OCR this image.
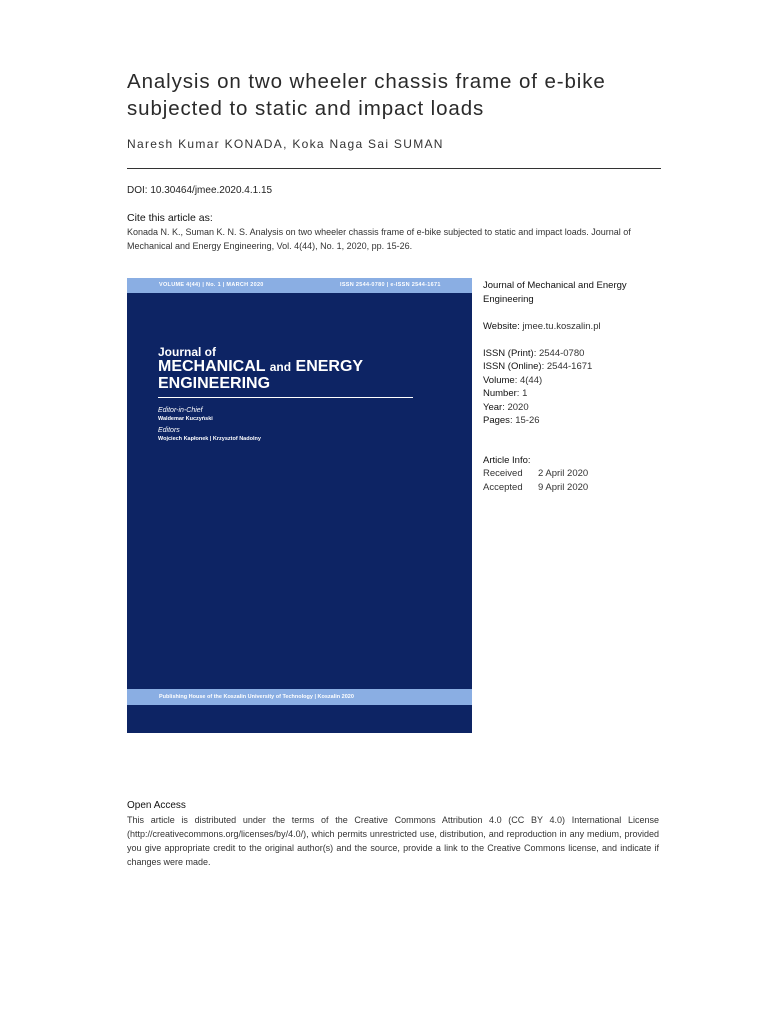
Analysis on two wheeler chassis frame of e-bike subjected to static and impact loads
Naresh Kumar KONADA, Koka Naga Sai SUMAN
DOI: 10.30464/jmee.2020.4.1.15
Cite this article as:
Konada N. K., Suman K. N. S. Analysis on two wheeler chassis frame of e-bike subjected to static and impact loads. Journal of Mechanical and Energy Engineering, Vol. 4(44), No. 1, 2020, pp. 15-26.
VOLUME 4(44) | No. 1 | MARCH 2020	ISSN 2544-0780 | e-ISSN 2544-1671
Journal of
MECHANICAL and ENERGY
ENGINEERING
Editor-in-Chief
Waldemar Kuczyński
Editors
Wojciech Kapłonek | Krzysztof Nadolny
Publishing House of the Koszalin University of Technology | Koszalin 2020
Journal of Mechanical and Energy Engineering
Website: jmee.tu.koszalin.pl
ISSN (Print): 2544-0780
ISSN (Online): 2544-1671
Volume: 4(44)
Number: 1
Year: 2020
Pages: 15-26
Article Info:
Received 2 April 2020
Accepted 9 April 2020
Open Access
This article is distributed under the terms of the Creative Commons Attribution 4.0 (CC BY 4.0) International License (http://creativecommons.org/licenses/by/4.0/), which permits unrestricted use, distribution, and reproduction in any medium, provided you give appropriate credit to the original author(s) and the source, provide a link to the Creative Commons license, and indicate if changes were made.
